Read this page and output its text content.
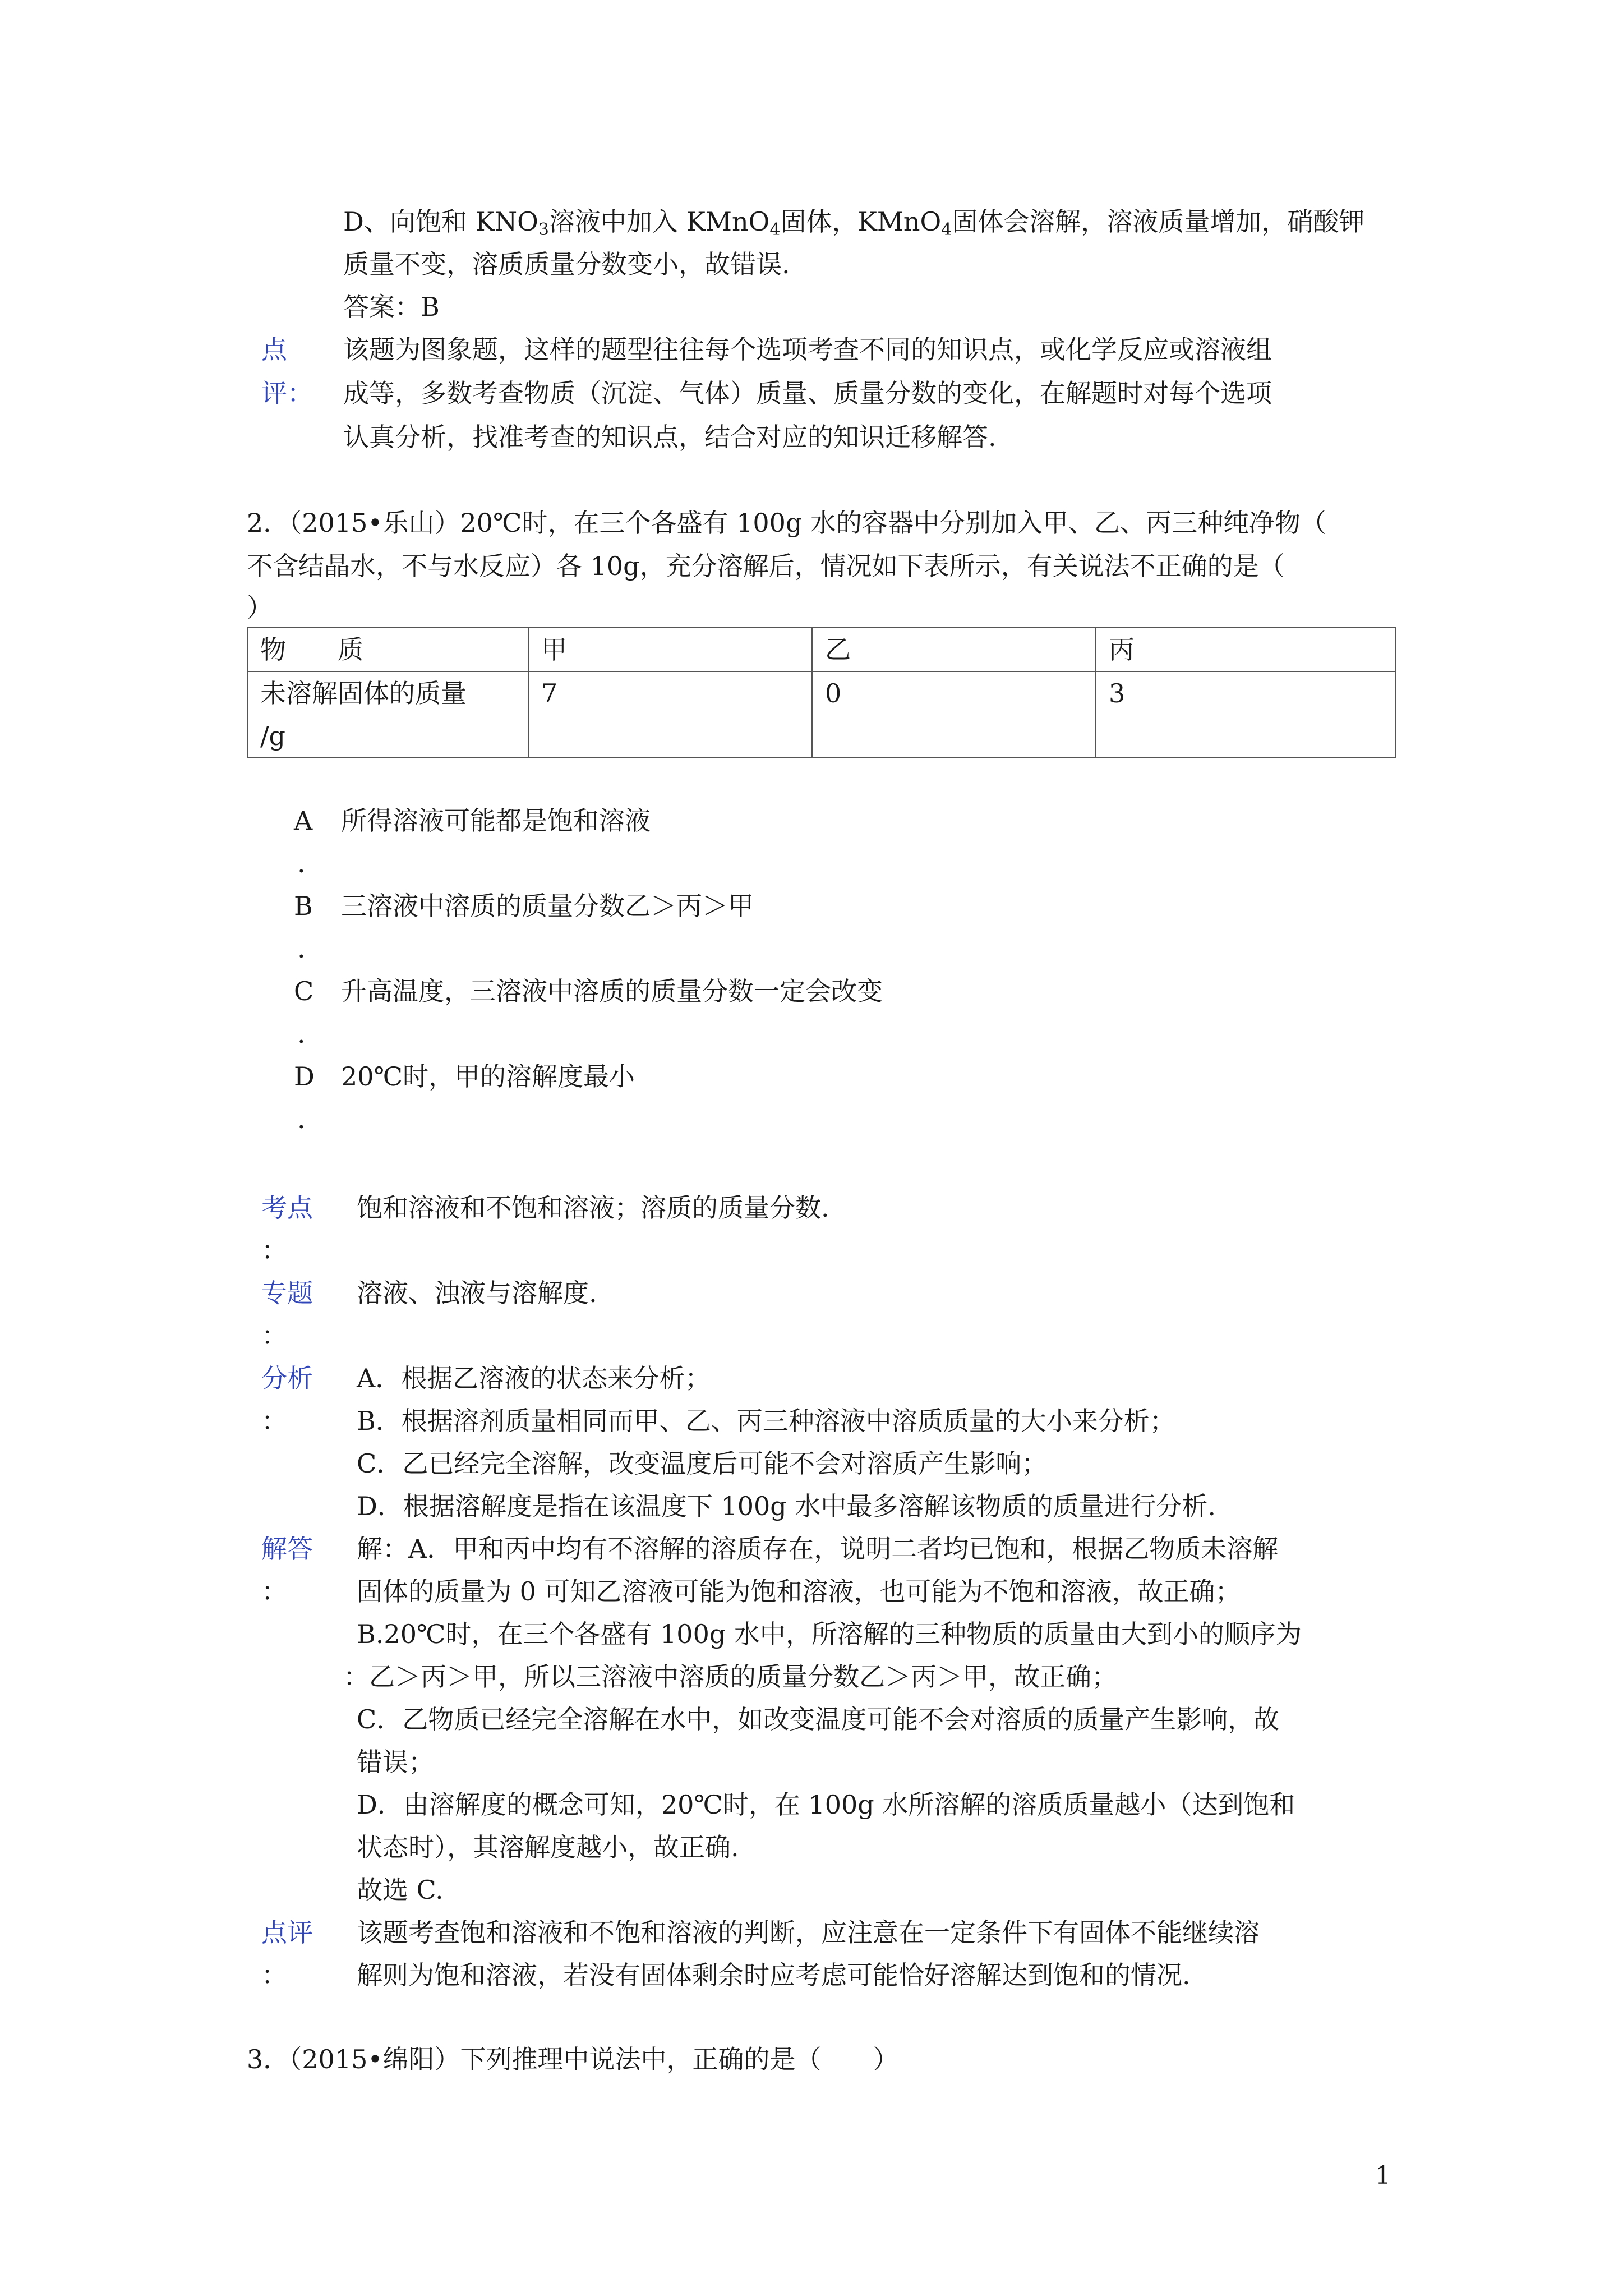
D、向饱和 $KNO_3$溶液中加入 KMnO$_4$固体，KMnO$_4$固体会溶解，溶液质量增加，硝酸钾
质量不变，溶质质量分数变小，故错误.
答案：B
点
评：
该题为图象题，这样的题型往往每个选项考查不同的知识点，或化学反应或溶液组
成等，多数考查物质（沉淀、气体）质量、质量分数的变化，在解题时对每个选项
认真分析，找准考查的知识点，结合对应的知识迁移解答.
2．（2015•乐山）20℃时，在三个各盛有 100g 水的容器中分别加入甲、乙、丙三种纯净物（
不含结晶水，不与水反应）各 10g，充分溶解后，情况如下表所示，有关说法不正确的是（
）
物　　质	甲	乙	丙

未溶解固体的质量
/g	7	0	3
A
.
所得溶液可能都是饱和溶液
B
.
三溶液中溶质的质量分数乙＞丙＞甲
C
.
升高温度，三溶液中溶质的质量分数一定会改变
D
.
20℃时，甲的溶解度最小
考点
：
饱和溶液和不饱和溶液；溶质的质量分数.
专题
：
溶液、浊液与溶解度.
分析
：
A．根据乙溶液的状态来分析；
B．根据溶剂质量相同而甲、乙、丙三种溶液中溶质质量的大小来分析；
C．乙已经完全溶解，改变温度后可能不会对溶质产生影响；
D．根据溶解度是指在该温度下 100g 水中最多溶解该物质的质量进行分析.
解答
：
解：A．甲和丙中均有不溶解的溶质存在，说明二者均已饱和，根据乙物质未溶解
固体的质量为 0 可知乙溶液可能为饱和溶液，也可能为不饱和溶液，故正确；
B.20℃时，在三个各盛有 100g 水中，所溶解的三种物质的质量由大到小的顺序为
：乙＞丙＞甲，所以三溶液中溶质的质量分数乙＞丙＞甲，故正确；
C．乙物质已经完全溶解在水中，如改变温度可能不会对溶质的质量产生影响，故
错误；
D．由溶解度的概念可知，20℃时，在 100g 水所溶解的溶质质量越小（达到饱和
状态时），其溶解度越小，故正确.
故选 C.
点评
：
该题考查饱和溶液和不饱和溶液的判断，应注意在一定条件下有固体不能继续溶
解则为饱和溶液，若没有固体剩余时应考虑可能恰好溶解达到饱和的情况.
3．（2015•绵阳）下列推理中说法中，正确的是（　　）
1
